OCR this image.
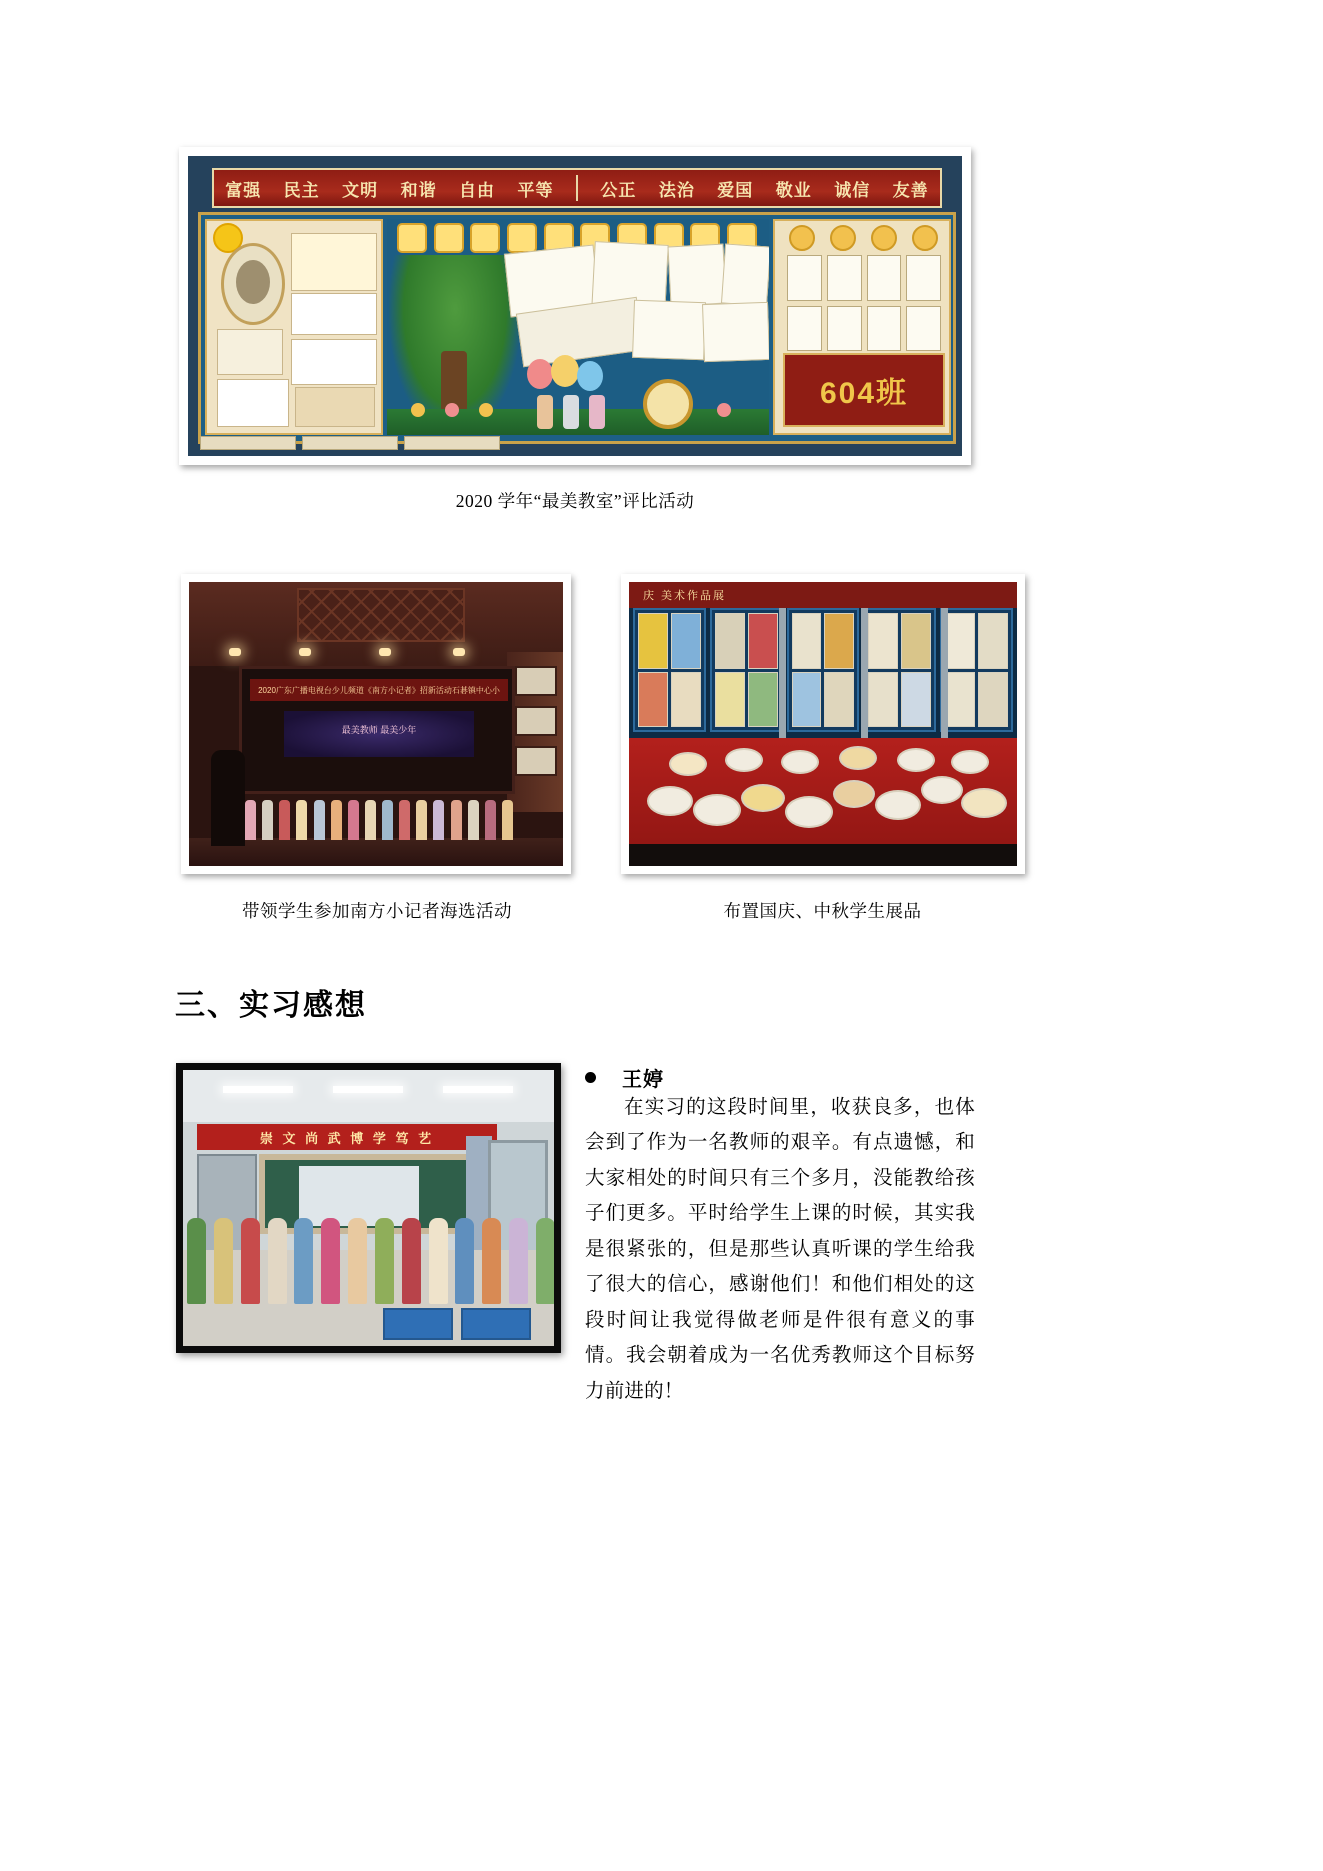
富强 民主 文明 和谐 自由 平等	公正 法治 爱国 敬业 诚信 友善
604班
2020 学年“最美教室”评比活动
2020广东广播电视台少儿频道《南方小记者》招新活动石碁镇中心小
最美教师 最美少年
带领学生参加南方小记者海选活动
庆 美术作品展
布置国庆、中秋学生展品
三、实习感想
崇 文 尚 武 博 学 笃 艺
王婷
在实习的这段时间里，收获良多，也体会到了作为一名教师的艰辛。有点遗憾，和大家相处的时间只有三个多月，没能教给孩子们更多。平时给学生上课的时候，其实我是很紧张的，但是那些认真听课的学生给我了很大的信心，感谢他们！和他们相处的这段时间让我觉得做老师是件很有意义的事情。我会朝着成为一名优秀教师这个目标努力前进的！
